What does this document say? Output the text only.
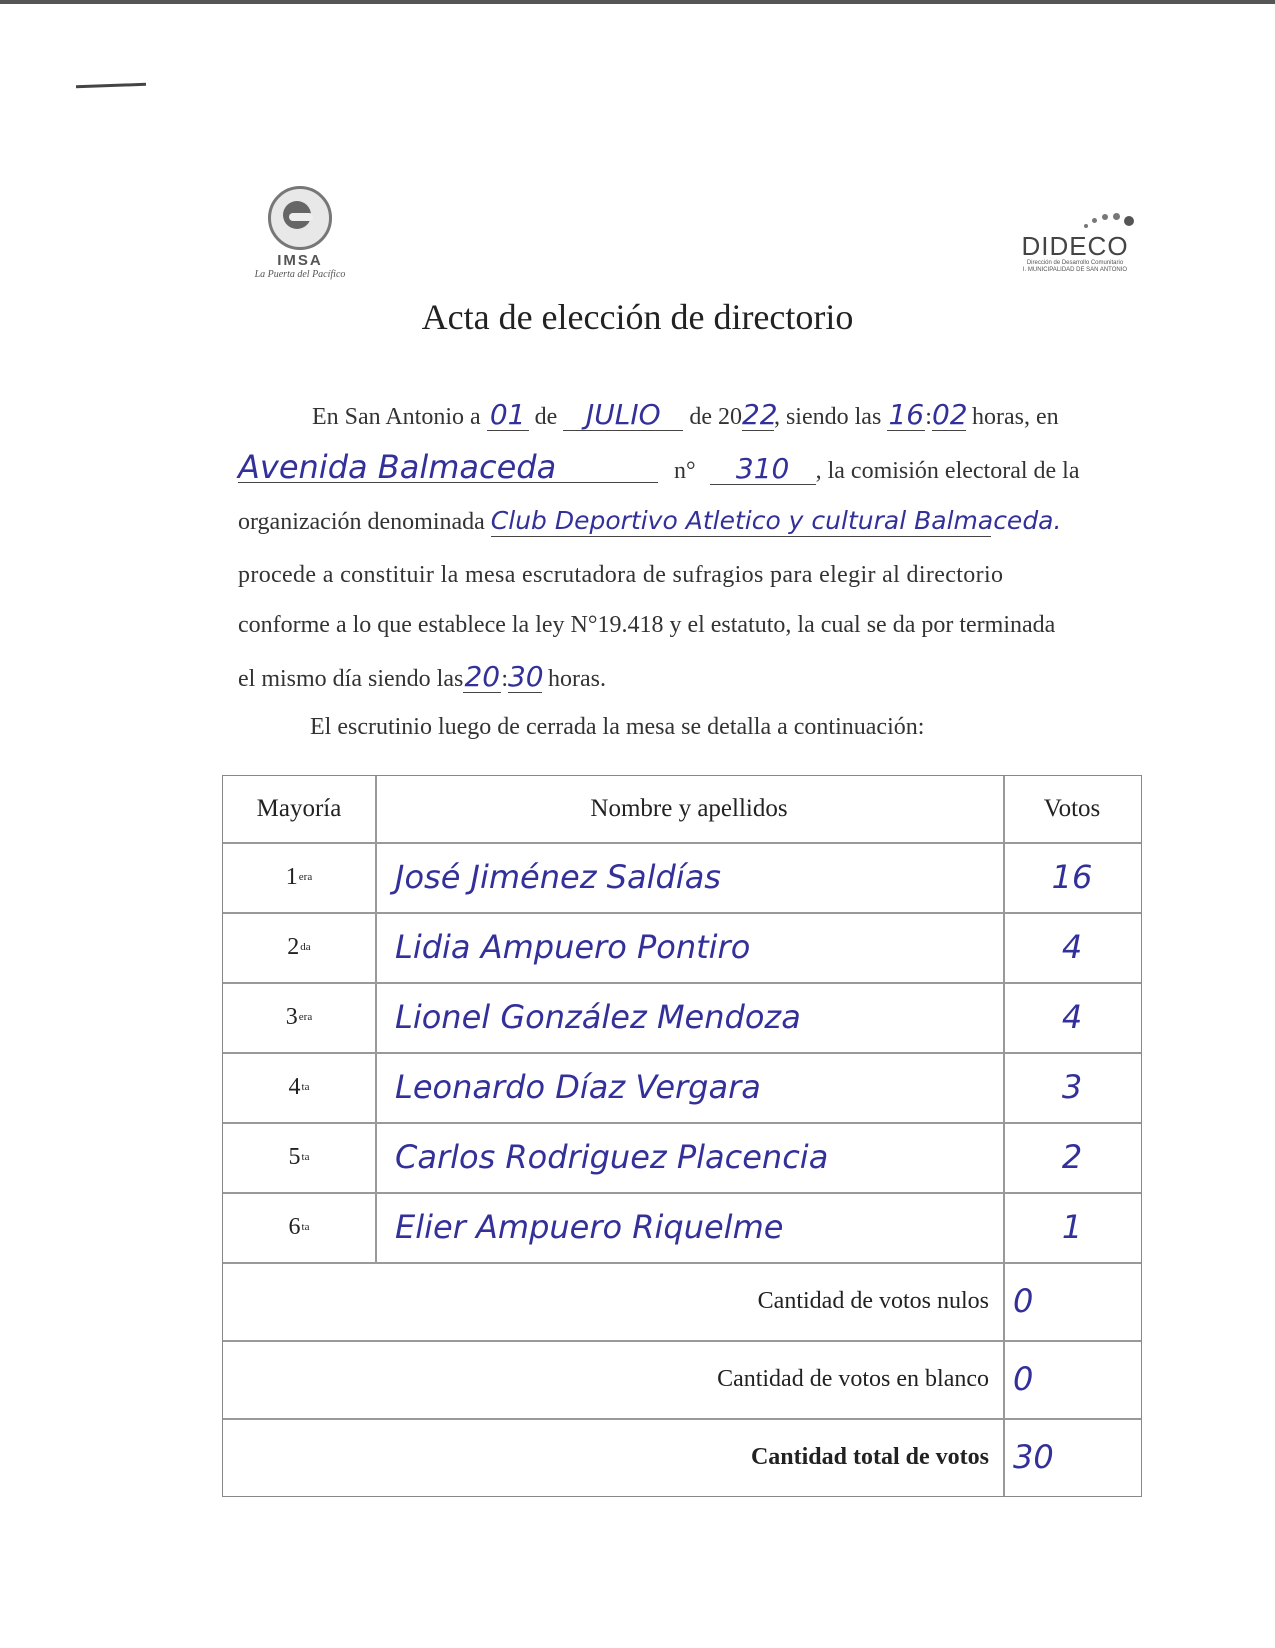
IMSA
La Puerta del Pacífico
DIDECO
Dirección de Desarrollo Comunitario
I. MUNICIPALIDAD DE SAN ANTONIO
Acta de elección de directorio
En San Antonio a 01 de JULIO de 2022, siendo las 16:02 horas, en
Avenida Balmaceda	n° 310 , la comisión electoral de la
organización denominada Club Deportivo Atletico y cultural Balmaceda.
procede a constituir la mesa escrutadora de sufragios para elegir al directorio
conforme a lo que establece la ley N°19.418 y el estatuto, la cual se da por terminada
el mismo día siendo las20:30 horas.
El escrutinio luego de cerrada la mesa se detalla a continuación:
Mayoría	Nombre y apellidos	Votos
1 era	José Jiménez Saldías	16
2 da	Lidia Ampuero Pontiro	4
3 era	Lionel González Mendoza	4
4 ta	Leonardo Díaz Vergara	3
5 ta	Carlos Rodriguez Placencia	2
6 ta	Elier Ampuero Riquelme	1
Cantidad de votos nulos 0
Cantidad de votos en blanco 0
Cantidad total de votos 30
